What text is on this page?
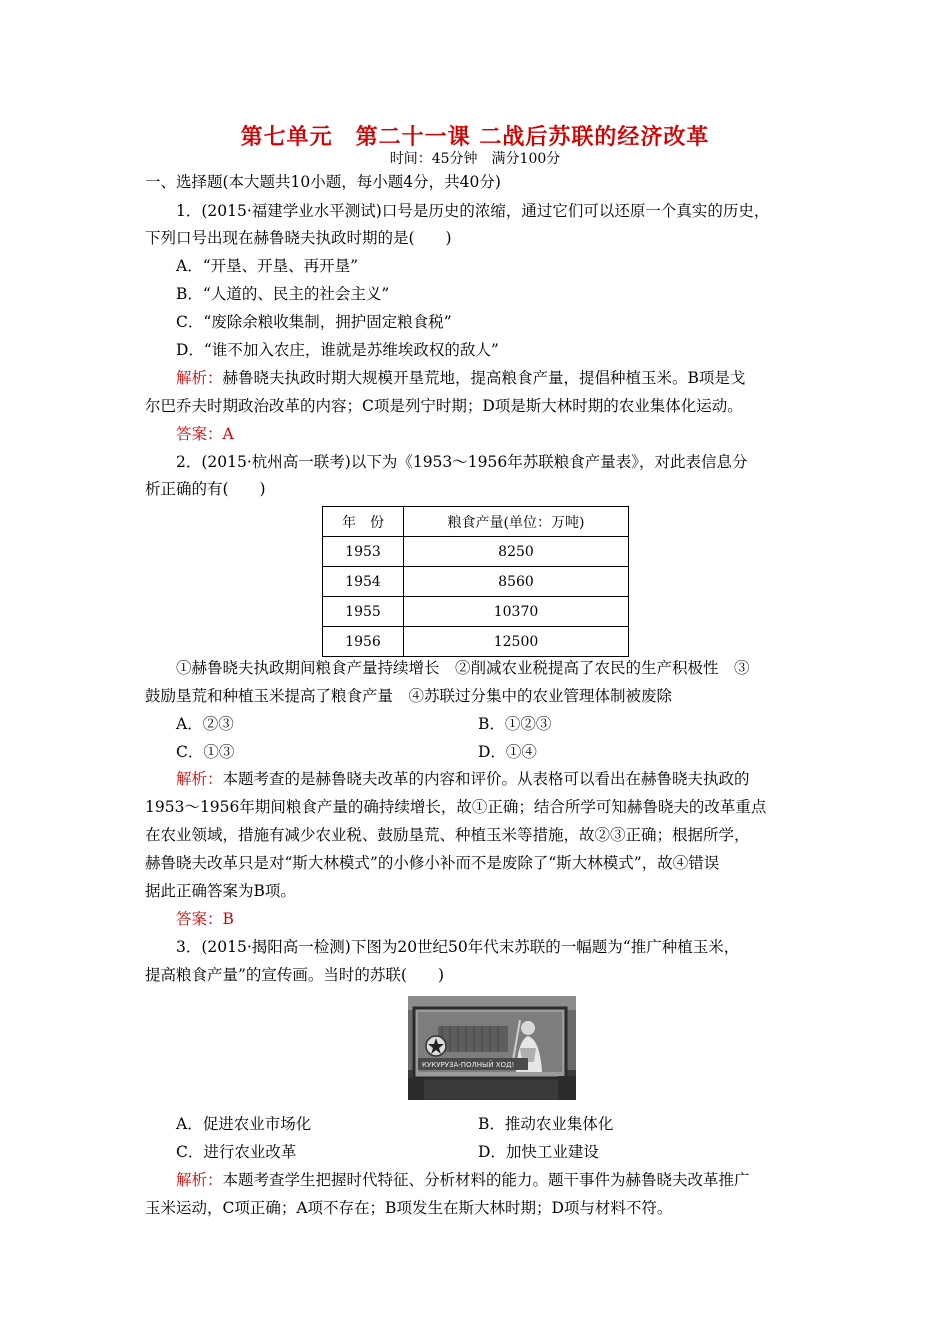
第七单元　第二十一课 二战后苏联的经济改革
时间：45分钟　满分100分
一、选择题(本大题共10小题，每小题4分，共40分)
1．(2015·福建学业水平测试)口号是历史的浓缩，通过它们可以还原一个真实的历史，
下列口号出现在赫鲁晓夫执政时期的是(　　)
A．“开垦、开垦、再开垦”
B．“人道的、民主的社会主义”
C．“废除余粮收集制，拥护固定粮食税”
D．“谁不加入农庄，谁就是苏维埃政权的敌人”
解析：赫鲁晓夫执政时期大规模开垦荒地，提高粮食产量，提倡种植玉米。B项是戈
尔巴乔夫时期政治改革的内容；C项是列宁时期；D项是斯大林时期的农业集体化运动。
答案：A
2．(2015·杭州高一联考)以下为《1953～1956年苏联粮食产量表》，对此表信息分
析正确的有(　　)
年　份	粮食产量(单位：万吨)
1953	8250
1954	8560
1955	10370
1956	12500
①赫鲁晓夫执政期间粮食产量持续增长　②削减农业税提高了农民的生产积极性　③
鼓励垦荒和种植玉米提高了粮食产量　④苏联过分集中的农业管理体制被废除
A．②③	B．①②③
C．①③	D．①④
解析：本题考查的是赫鲁晓夫改革的内容和评价。从表格可以看出在赫鲁晓夫执政的
1953～1956年期间粮食产量的确持续增长，故①正确；结合所学可知赫鲁晓夫的改革重点
在农业领域，措施有减少农业税、鼓励垦荒、种植玉米等措施，故②③正确；根据所学，
赫鲁晓夫改革只是对“斯大林模式”的小修小补而不是废除了“斯大林模式”，故④错误
据此正确答案为B项。
答案：B
3．(2015·揭阳高一检测)下图为20世纪50年代末苏联的一幅题为“推广种植玉米，
提高粮食产量”的宣传画。当时的苏联(　　)
КУКУРУЗА-ПОЛНЫЙ ХОД!
A．促进农业市场化	B．推动农业集体化
C．进行农业改革	D．加快工业建设
解析：本题考查学生把握时代特征、分析材料的能力。题干事件为赫鲁晓夫改革推广
玉米运动，C项正确；A项不存在；B项发生在斯大林时期；D项与材料不符。
